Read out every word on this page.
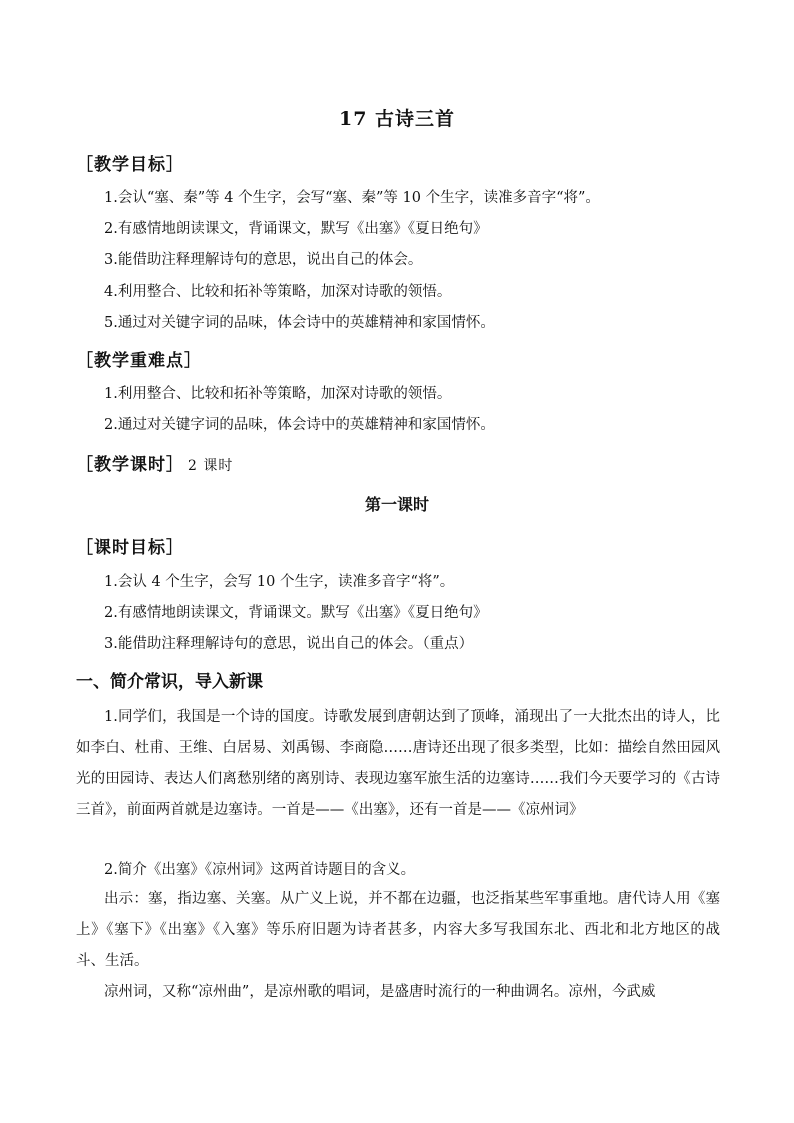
17 古诗三首
［教学目标］
1.会认“塞、秦”等 4 个生字，会写“塞、秦”等 10 个生字，读准多音字“将”。
2.有感情地朗读课文，背诵课文，默写《出塞》《夏日绝句》
3.能借助注释理解诗句的意思，说出自己的体会。
4.利用整合、比较和拓补等策略，加深对诗歌的领悟。
5.通过对关键字词的品味，体会诗中的英雄精神和家国情怀。
［教学重难点］
1.利用整合、比较和拓补等策略，加深对诗歌的领悟。
2.通过对关键字词的品味，体会诗中的英雄精神和家国情怀。
［教学课时］ 2 课时
第一课时
［课时目标］
1.会认 4 个生字，会写 10 个生字，读准多音字“将”。
2.有感情地朗读课文，背诵课文。默写《出塞》《夏日绝句》
3.能借助注释理解诗句的意思，说出自己的体会。（重点）
一、简介常识，导入新课
1.同学们，我国是一个诗的国度。诗歌发展到唐朝达到了顶峰，涌现出了一大批杰出的诗人，比如李白、杜甫、王维、白居易、刘禹锡、李商隐……唐诗还出现了很多类型，比如：描绘自然田园风光的田园诗、表达人们离愁别绪的离别诗、表现边塞军旅生活的边塞诗……我们今天要学习的《古诗三首》，前面两首就是边塞诗。一首是——《出塞》，还有一首是——《凉州词》
2.简介《出塞》《凉州词》这两首诗题目的含义。
出示：塞，指边塞、关塞。从广义上说，并不都在边疆，也泛指某些军事重地。唐代诗人用《塞上》《塞下》《出塞》《入塞》等乐府旧题为诗者甚多，内容大多写我国东北、西北和北方地区的战斗、生活。
凉州词，又称“凉州曲”，是凉州歌的唱词，是盛唐时流行的一种曲调名。凉州，今武威
